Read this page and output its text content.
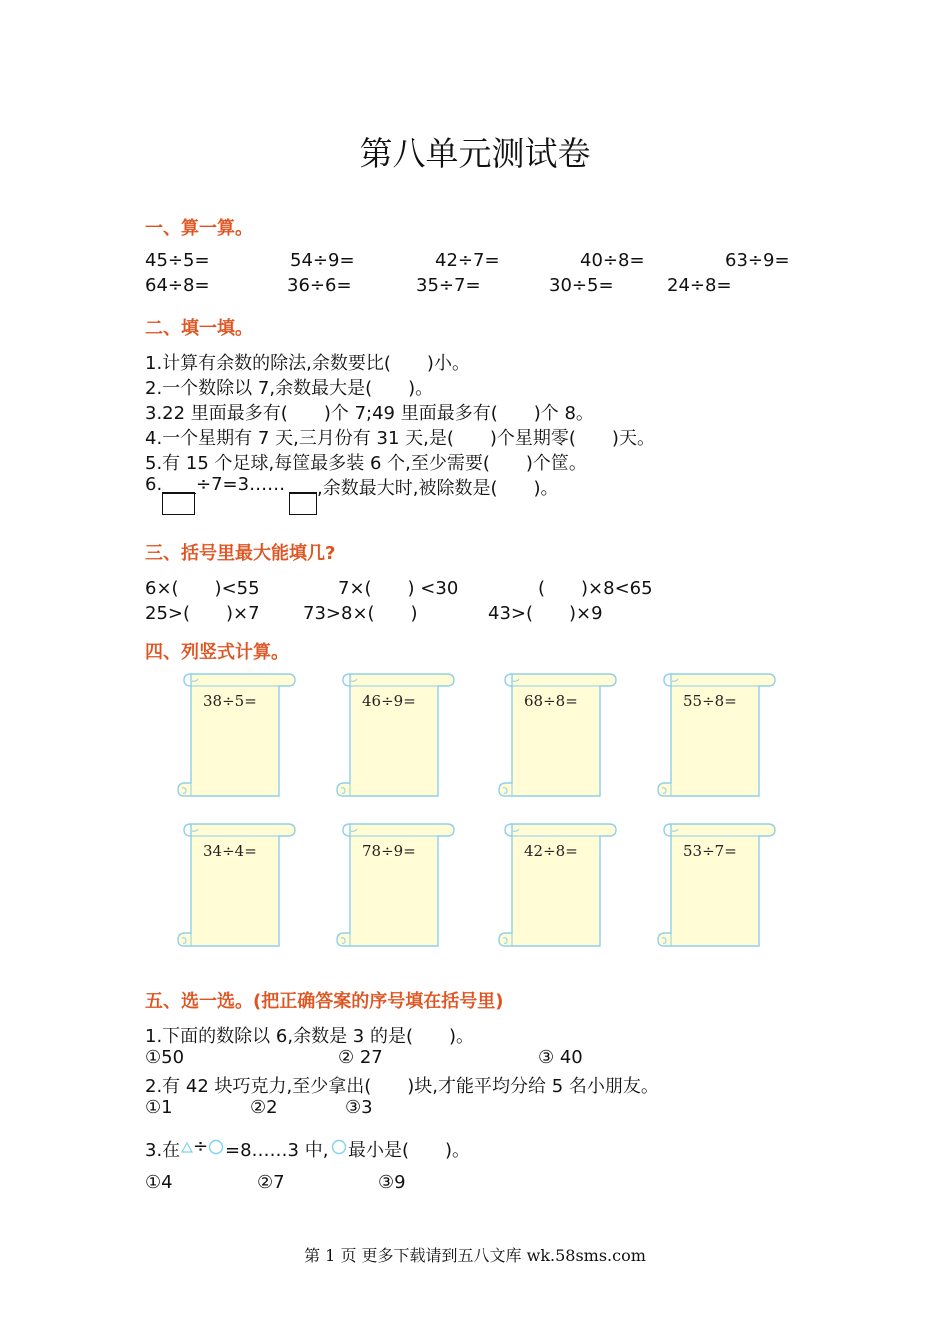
第八单元测试卷
一、算一算。
45÷5=	54÷9=	42÷7=	40÷8=	63÷9=
64÷8=	36÷6=	35÷7=	30÷5=	24÷8=
二、填一填。
1.计算有余数的除法,余数要比(　　)小。
2.一个数除以 7,余数最大是(　　)。
3.22 里面最多有(　　)个 7;49 里面最多有(　　)个 8。
4.一个星期有 7 天,三月份有 31 天,是(　　)个星期零(　　)天。
5.有 15 个足球,每筐最多装 6 个,至少需要(　　)个筐。
6. ÷7=3…… ,余数最大时,被除数是(　　)。
三、括号里最大能填几?
6×(　　)<55	7×(　　) <30	(　　)×8<65
25>(　　)×7 73>8×(　　)	43>(　　)×9
四、列竖式计算。
38÷5=	46÷9=	68÷8=	55÷8=
34÷4=	78÷9=	42÷8=	53÷7=
五、选一选。(把正确答案的序号填在括号里)
1.下面的数除以 6,余数是 3 的是(　　)。
①50	② 27	③ 40
2.有 42 块巧克力,至少拿出(　　)块,才能平均分给 5 名小朋友。
①1	②2	③3
3.在 ÷ =8……3 中, 最小是(　　)。
①4	②7	③9
第 1 页 更多下载请到五八文库 wk.58sms.com
